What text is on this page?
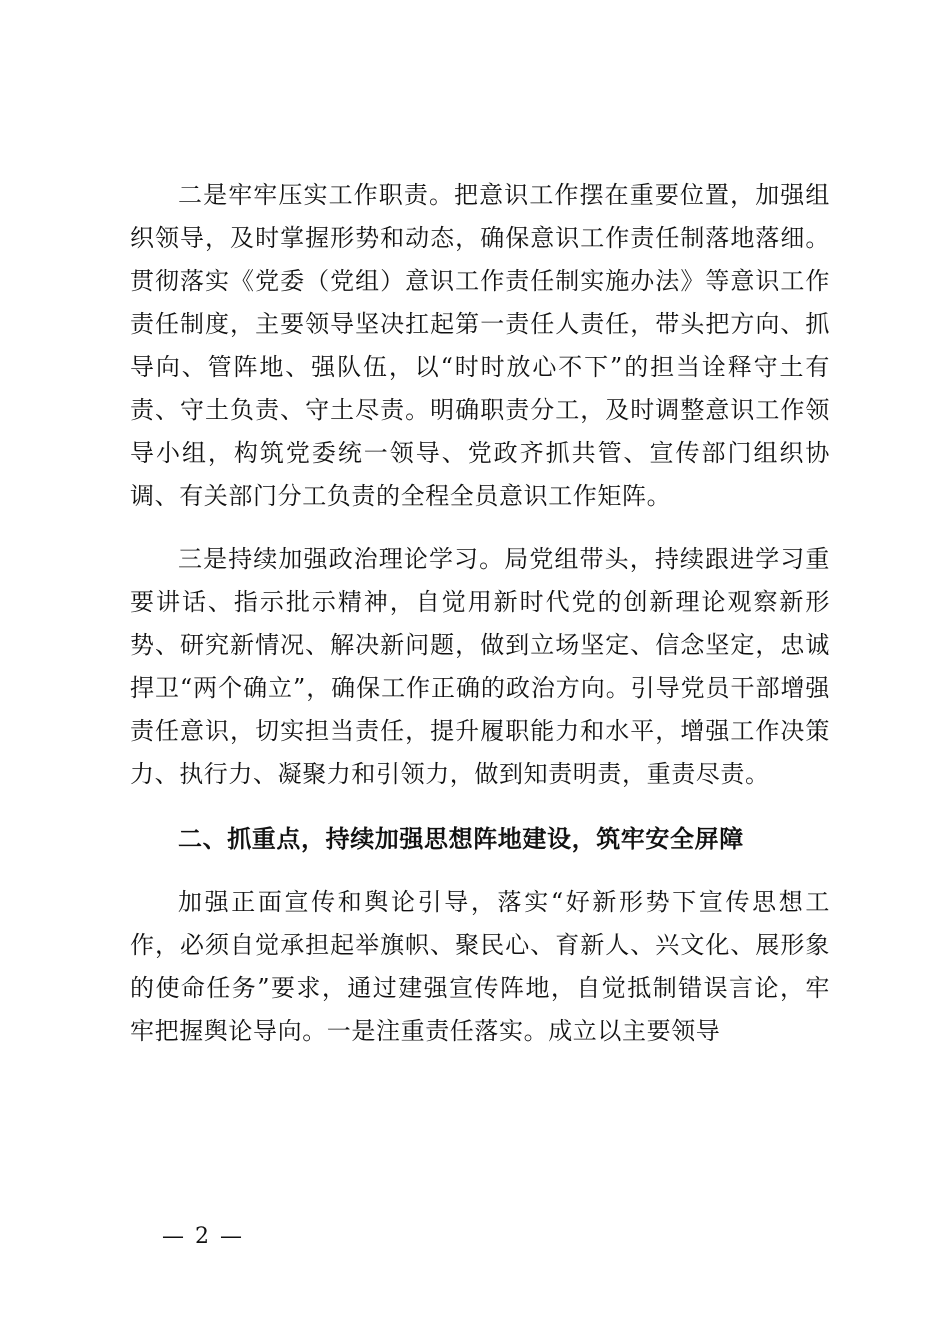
二是牢牢压实工作职责。把意识工作摆在重要位置，加强组织领导，及时掌握形势和动态，确保意识工作责任制落地落细。贯彻落实《党委（党组）意识工作责任制实施办法》等意识工作责任制度，主要领导坚决扛起第一责任人责任，带头把方向、抓导向、管阵地、强队伍，以“时时放心不下”的担当诠释守土有责、守土负责、守土尽责。明确职责分工，及时调整意识工作领导小组，构筑党委统一领导、党政齐抓共管、宣传部门组织协调、有关部门分工负责的全程全员意识工作矩阵。

三是持续加强政治理论学习。局党组带头，持续跟进学习重要讲话、指示批示精神，自觉用新时代党的创新理论观察新形势、研究新情况、解决新问题，做到立场坚定、信念坚定，忠诚捍卫“两个确立”，确保工作正确的政治方向。引导党员干部增强责任意识，切实担当责任，提升履职能力和水平，增强工作决策力、执行力、凝聚力和引领力，做到知责明责，重责尽责。

二、抓重点，持续加强思想阵地建设，筑牢安全屏障

加强正面宣传和舆论引导，落实“好新形势下宣传思想工作，必须自觉承担起举旗帜、聚民心、育新人、兴文化、展形象的使命任务”要求，通过建强宣传阵地，自觉抵制错误言论，牢牢把握舆论导向。一是注重责任落实。成立以主要领导

— 2 —
